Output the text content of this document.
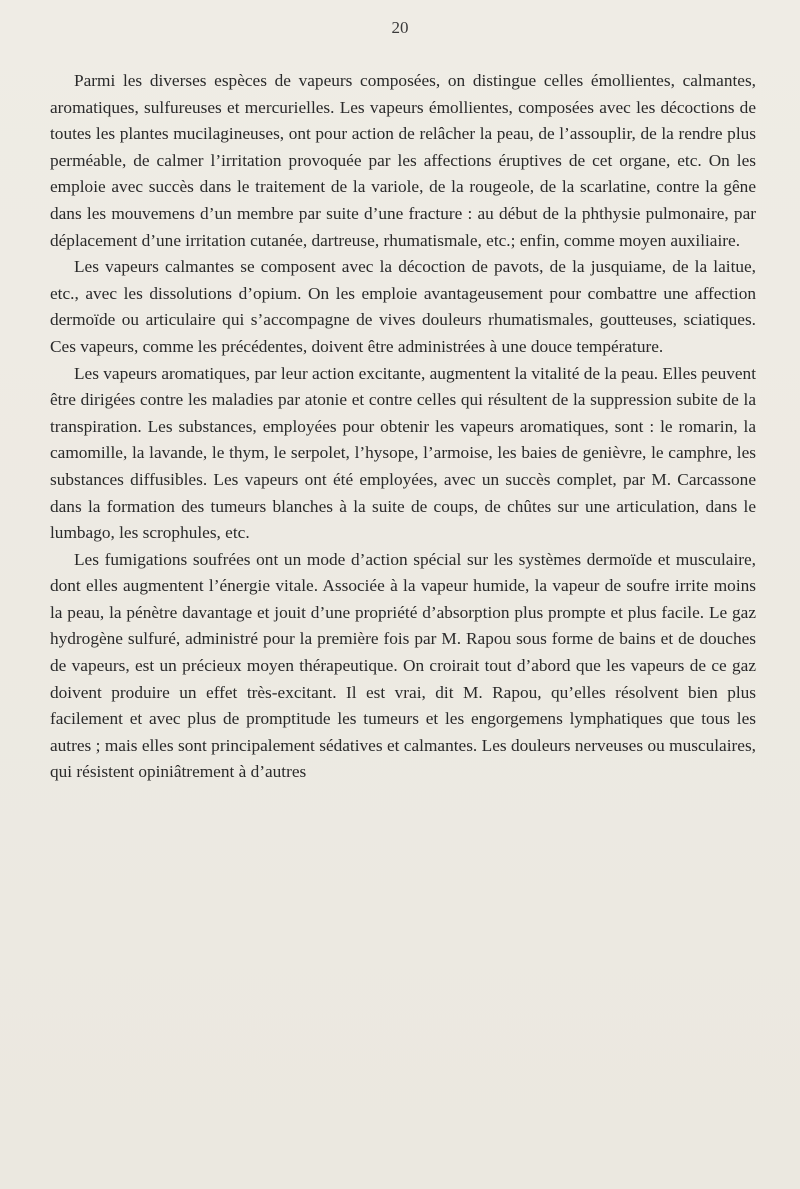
20

Parmi les diverses espèces de vapeurs composées, on distingue celles émollientes, calmantes, aromatiques, sulfureuses et mercurielles. Les vapeurs émollientes, composées avec les décoctions de toutes les plantes mucilagineuses, ont pour action de relâcher la peau, de l’assouplir, de la rendre plus perméable, de calmer l’irritation provoquée par les affections éruptives de cet organe, etc. On les emploie avec succès dans le traitement de la variole, de la rougeole, de la scarlatine, contre la gêne dans les mouvemens d’un membre par suite d’une fracture : au début de la phthysie pulmonaire, par déplacement d’une irritation cutanée, dartreuse, rhumatismale, etc.; enfin, comme moyen auxiliaire.

Les vapeurs calmantes se composent avec la décoction de pavots, de la jusquiame, de la laitue, etc., avec les dissolutions d’opium. On les emploie avantageusement pour combattre une affection dermoïde ou articulaire qui s’accompagne de vives douleurs rhumatismales, goutteuses, sciatiques. Ces vapeurs, comme les précédentes, doivent être administrées à une douce température.

Les vapeurs aromatiques, par leur action excitante, augmentent la vitalité de la peau. Elles peuvent être dirigées contre les maladies par atonie et contre celles qui résultent de la suppression subite de la transpiration. Les substances, employées pour obtenir les vapeurs aromatiques, sont : le romarin, la camomille, la lavande, le thym, le serpolet, l’hysope, l’armoise, les baies de genièvre, le camphre, les substances diffusibles. Les vapeurs ont été employées, avec un succès complet, par M. Carcassone dans la formation des tumeurs blanches à la suite de coups, de chûtes sur une articulation, dans le lumbago, les scrophules, etc.

Les fumigations soufrées ont un mode d’action spécial sur les systèmes dermoïde et musculaire, dont elles augmentent l’énergie vitale. Associée à la vapeur humide, la vapeur de soufre irrite moins la peau, la pénètre davantage et jouit d’une propriété d’absorption plus prompte et plus facile. Le gaz hydrogène sulfuré, administré pour la première fois par M. Rapou sous forme de bains et de douches de vapeurs, est un précieux moyen thérapeutique. On croirait tout d’abord que les vapeurs de ce gaz doivent produire un effet très-excitant. Il est vrai, dit M. Rapou, qu’elles résolvent bien plus facilement et avec plus de promptitude les tumeurs et les engorgemens lymphatiques que tous les autres ; mais elles sont principalement sédatives et calmantes. Les douleurs nerveuses ou musculaires, qui résistent opiniâtrement à d’autres
